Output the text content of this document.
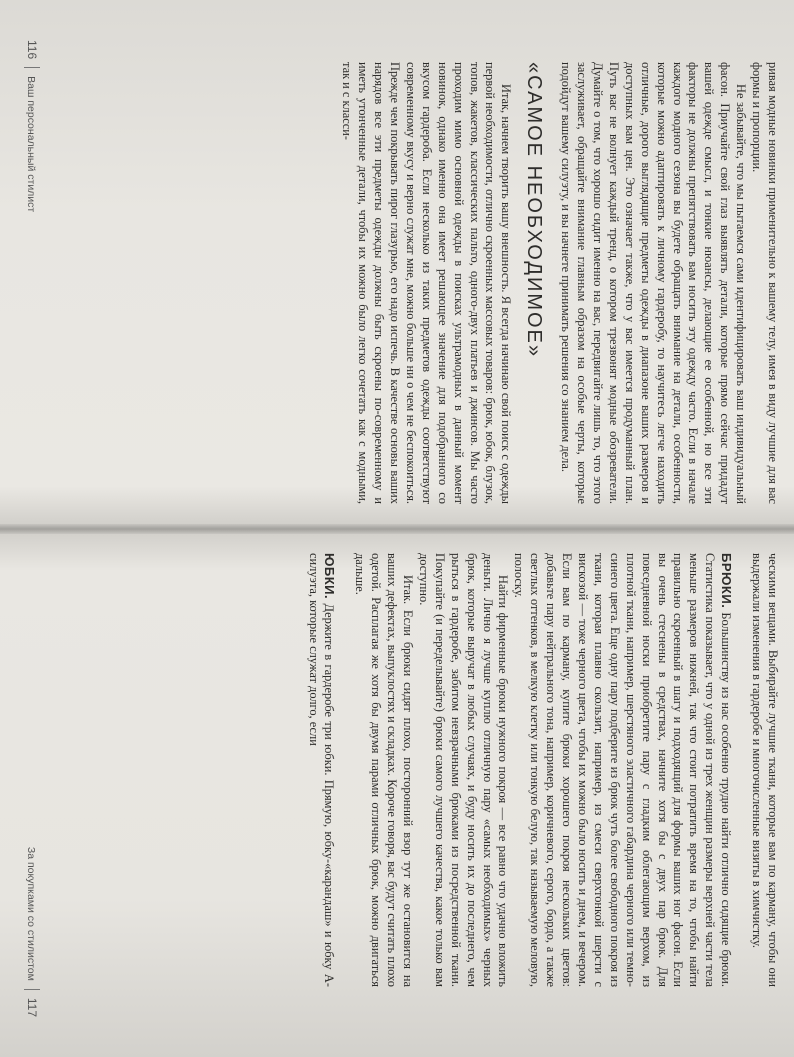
ривая модные новинки применительно к вашему телу, имея в виду лучшие для вас формы и пропорции.

Не забывайте, что мы пытаемся сами идентифицировать ваш индивидуальный фасон. Приучайте свой глаз выявлять детали, которые прямо сейчас придадут вашей одежде смысл, и тонкие нюансы, делающие ее особенной, но все эти факторы не должны препятствовать вам носить эту одежду часто. Если в начале каждого модного сезона вы будете обращать внимание на детали, особенности, которые можно адаптировать к личному гардеробу, то научитесь легче находить отличные, дорого выглядящие предметы одежды в диапазоне ваших размеров и доступных вам цен. Это означает также, что у вас имеется продуманный план. Путь вас не волнует каждый тренд, о котором трезвонят модные обозреватели. Думайте о том, что хорошо сидит именно на вас, передвигайте лишь то, что этого заслуживает, обращайте внимание главным образом на особые черты, которые подойдут вашему силуэту, и вы начнете принимать решения со знанием дела.

«САМОЕ НЕОБХОДИМОЕ»

Итак, начнем творить вашу внешность. Я всегда начинаю свой поиск с одежды первой необходимости, отлично скроенных массовых товаров: брюк, юбок, блузок, топов, жакетов, классических пальто, одного-двух платьев и джинсов. Мы часто проходим мимо основной одежды в поисках ультрамодных в данный момент новинок, однако именно она имеет решающее значение для подобранного со вкусом гардероба. Если несколько из таких предметов одежды соответствуют современному вкусу и верно служат мне, можно больше ни о чем не беспокоиться. Прежде чем покрывать пирог глазурью, его надо испечь. В качестве основы ваших нарядов все эти предметы одежды должны быть скроены по-современному и иметь утонченные детали, чтобы их можно было легко сочетать как с модными, так и с класси-

116Ваш персональный стилист

ческими вещами. Выбирайте лучшие ткани, которые вам по карману, чтобы они выдержали изменения в гардеробе и многочисленные визиты в химчистку.

БРЮКИ. Большинству из нас особенно трудно найти отлично сидящие брюки. Статистика показывает, что у одной из трех женщин размеры верхней части тела меньше размеров нижней, так что стоит потратить время на то, чтобы найти правильно скроенный в шагу и подходящий для формы ваших ног фасон. Если вы очень стеснены в средствах, начните хотя бы с двух пар брюк. Для повседневной носки приобретите пару с гладким облегающим верхом, из плотной ткани, например, шерстяного эластичного габардина черного или темно-синего цвета. Еще одну пару подберите из брюк чуть более свободного покроя из ткани, которая плавно скользит, например, из смеси сверхтонкой шерсти с вискозой — тоже черного цвета, чтобы их можно было носить и днем, и вечером. Если вам по карману, купите брюки хорошего покроя нескольких цветов: добавьте пару нейтрального тона, например, коричневого, серого, бордо, а также светлых оттенков, в мелкую клетку или тонкую белую, так называемую меловую, полоску.

Найти фирменные брюки нужного покроя — все равно что удачно вложить деньги. Лично я лучше куплю отличную пару «самых необходимых» черных брюк, которые выручат в любых случаях, и буду носить их до последнего, чем рыться в гардеробе, забитом невзрачными брюками из посредственной ткани. Покупайте (и переделывайте) брюки самого лучшего качества, какое только вам доступно.

Итак. Если брюки сидят плохо, посторонний взор тут же остановится на ваших дефектах, выпуклостях и складках. Короче говоря, вас будут считать плохо одетой. Расплагая же хотя бы двумя парами отличных брюк, можно двигаться дальше.

ЮБКИ. Держите в гардеробе три юбки. Прямую, юбку-«карандаш» и юбку А-силуэта, которые служат долго, если

За покупками со стилистом117
